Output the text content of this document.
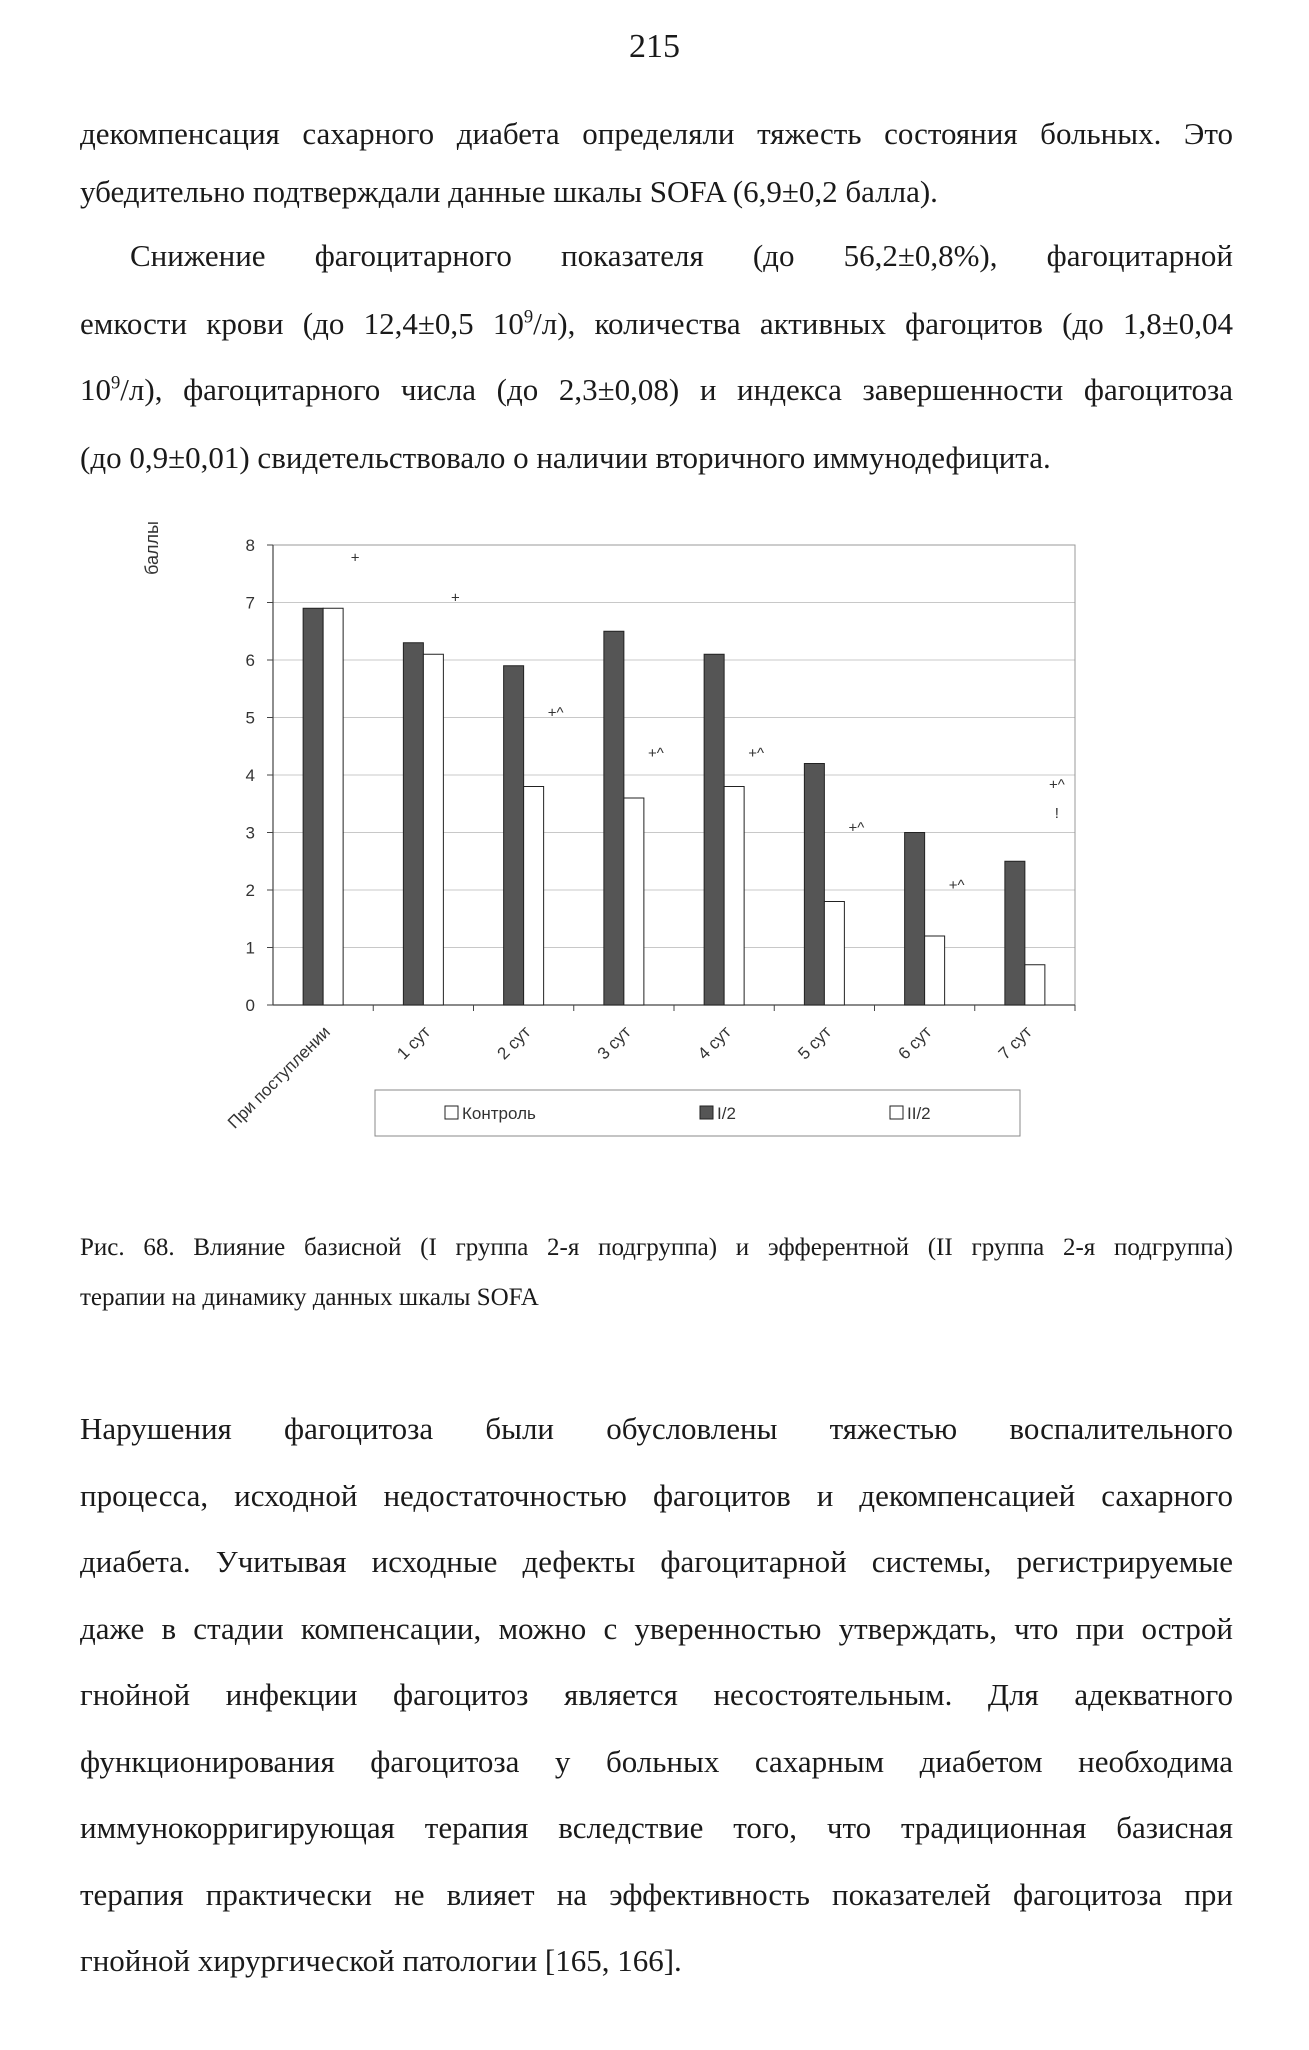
215

декомпенсация сахарного диабета определяли тяжесть состояния больных. Это

убедительно подтверждали данные шкалы SOFA (6,9±0,2 балла).

Снижение фагоцитарного показателя (до 56,2±0,8%), фагоцитарной

емкости крови (до 12,4±0,5 $10^9/л$), количества активных фагоцитов (до 1,8±0,04

$10^9/л$), фагоцитарного числа (до 2,3±0,08) и индекса завершенности фагоцитоза

(до 0,9±0,01) свидетельствовало о наличии вторичного иммунодефицита.

0
1
2
3
4
5
6
7
8
+
+
+^
+^	+^
+^
+^
+^
!
При поступлении	1 сут	2 сут	3 сут	4 сут	5 сут	6 сут	7 сут
баллы
Контроль	I/2	II/2

Рис. 68. Влияние базисной (I группа 2-я подгруппа) и эфферентной (II группа 2-я подгруппа)

терапии на динамику данных шкалы SOFA

Нарушения фагоцитоза были обусловлены тяжестью воспалительного

процесса, исходной недостаточностью фагоцитов и декомпенсацией сахарного

диабета. Учитывая исходные дефекты фагоцитарной системы, регистрируемые

даже в стадии компенсации, можно с уверенностью утверждать, что при острой

гнойной инфекции фагоцитоз является несостоятельным. Для адекватного

функционирования фагоцитоза у больных сахарным диабетом необходима

иммунокорригирующая терапия вследствие того, что традиционная базисная

терапия практически не влияет на эффективность показателей фагоцитоза при

гнойной хирургической патологии [165, 166].
